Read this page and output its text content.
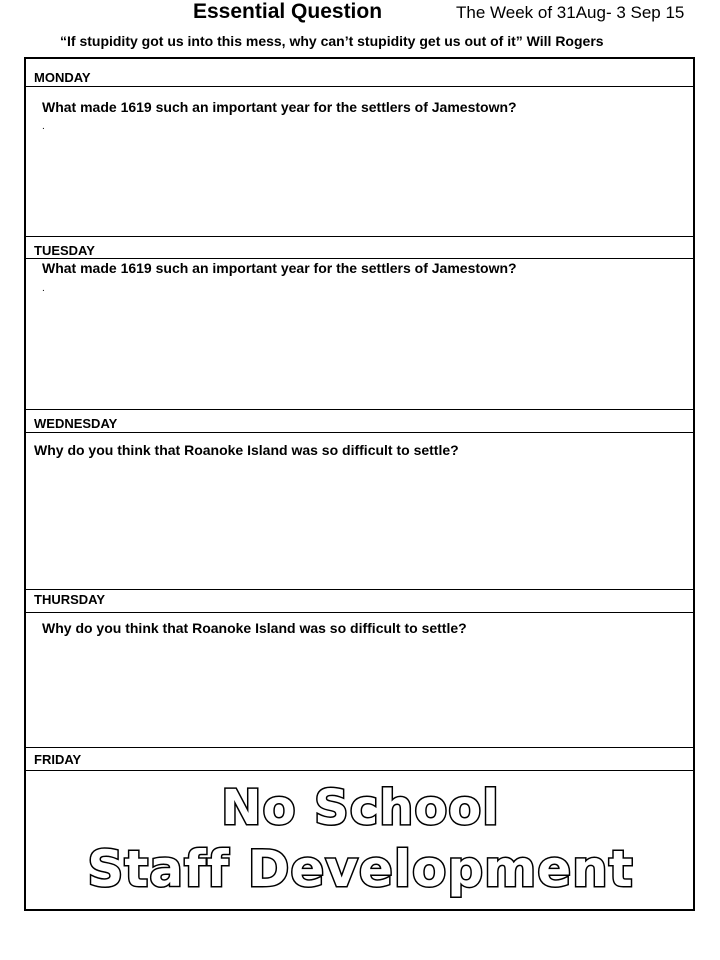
Essential Question	The Week of 31Aug- 3 Sep 15
“If stupidity got us into this mess, why can’t stupidity get us out of it” Will Rogers
MONDAY
What made 1619 such an important year for the settlers of Jamestown?
.
TUESDAY
What made 1619 such an important year for the settlers of Jamestown?
.
WEDNESDAY
Why do you think that Roanoke Island was so difficult to settle?
THURSDAY
Why do you think that Roanoke Island was so difficult to settle?
FRIDAY
No School
Staff Development
